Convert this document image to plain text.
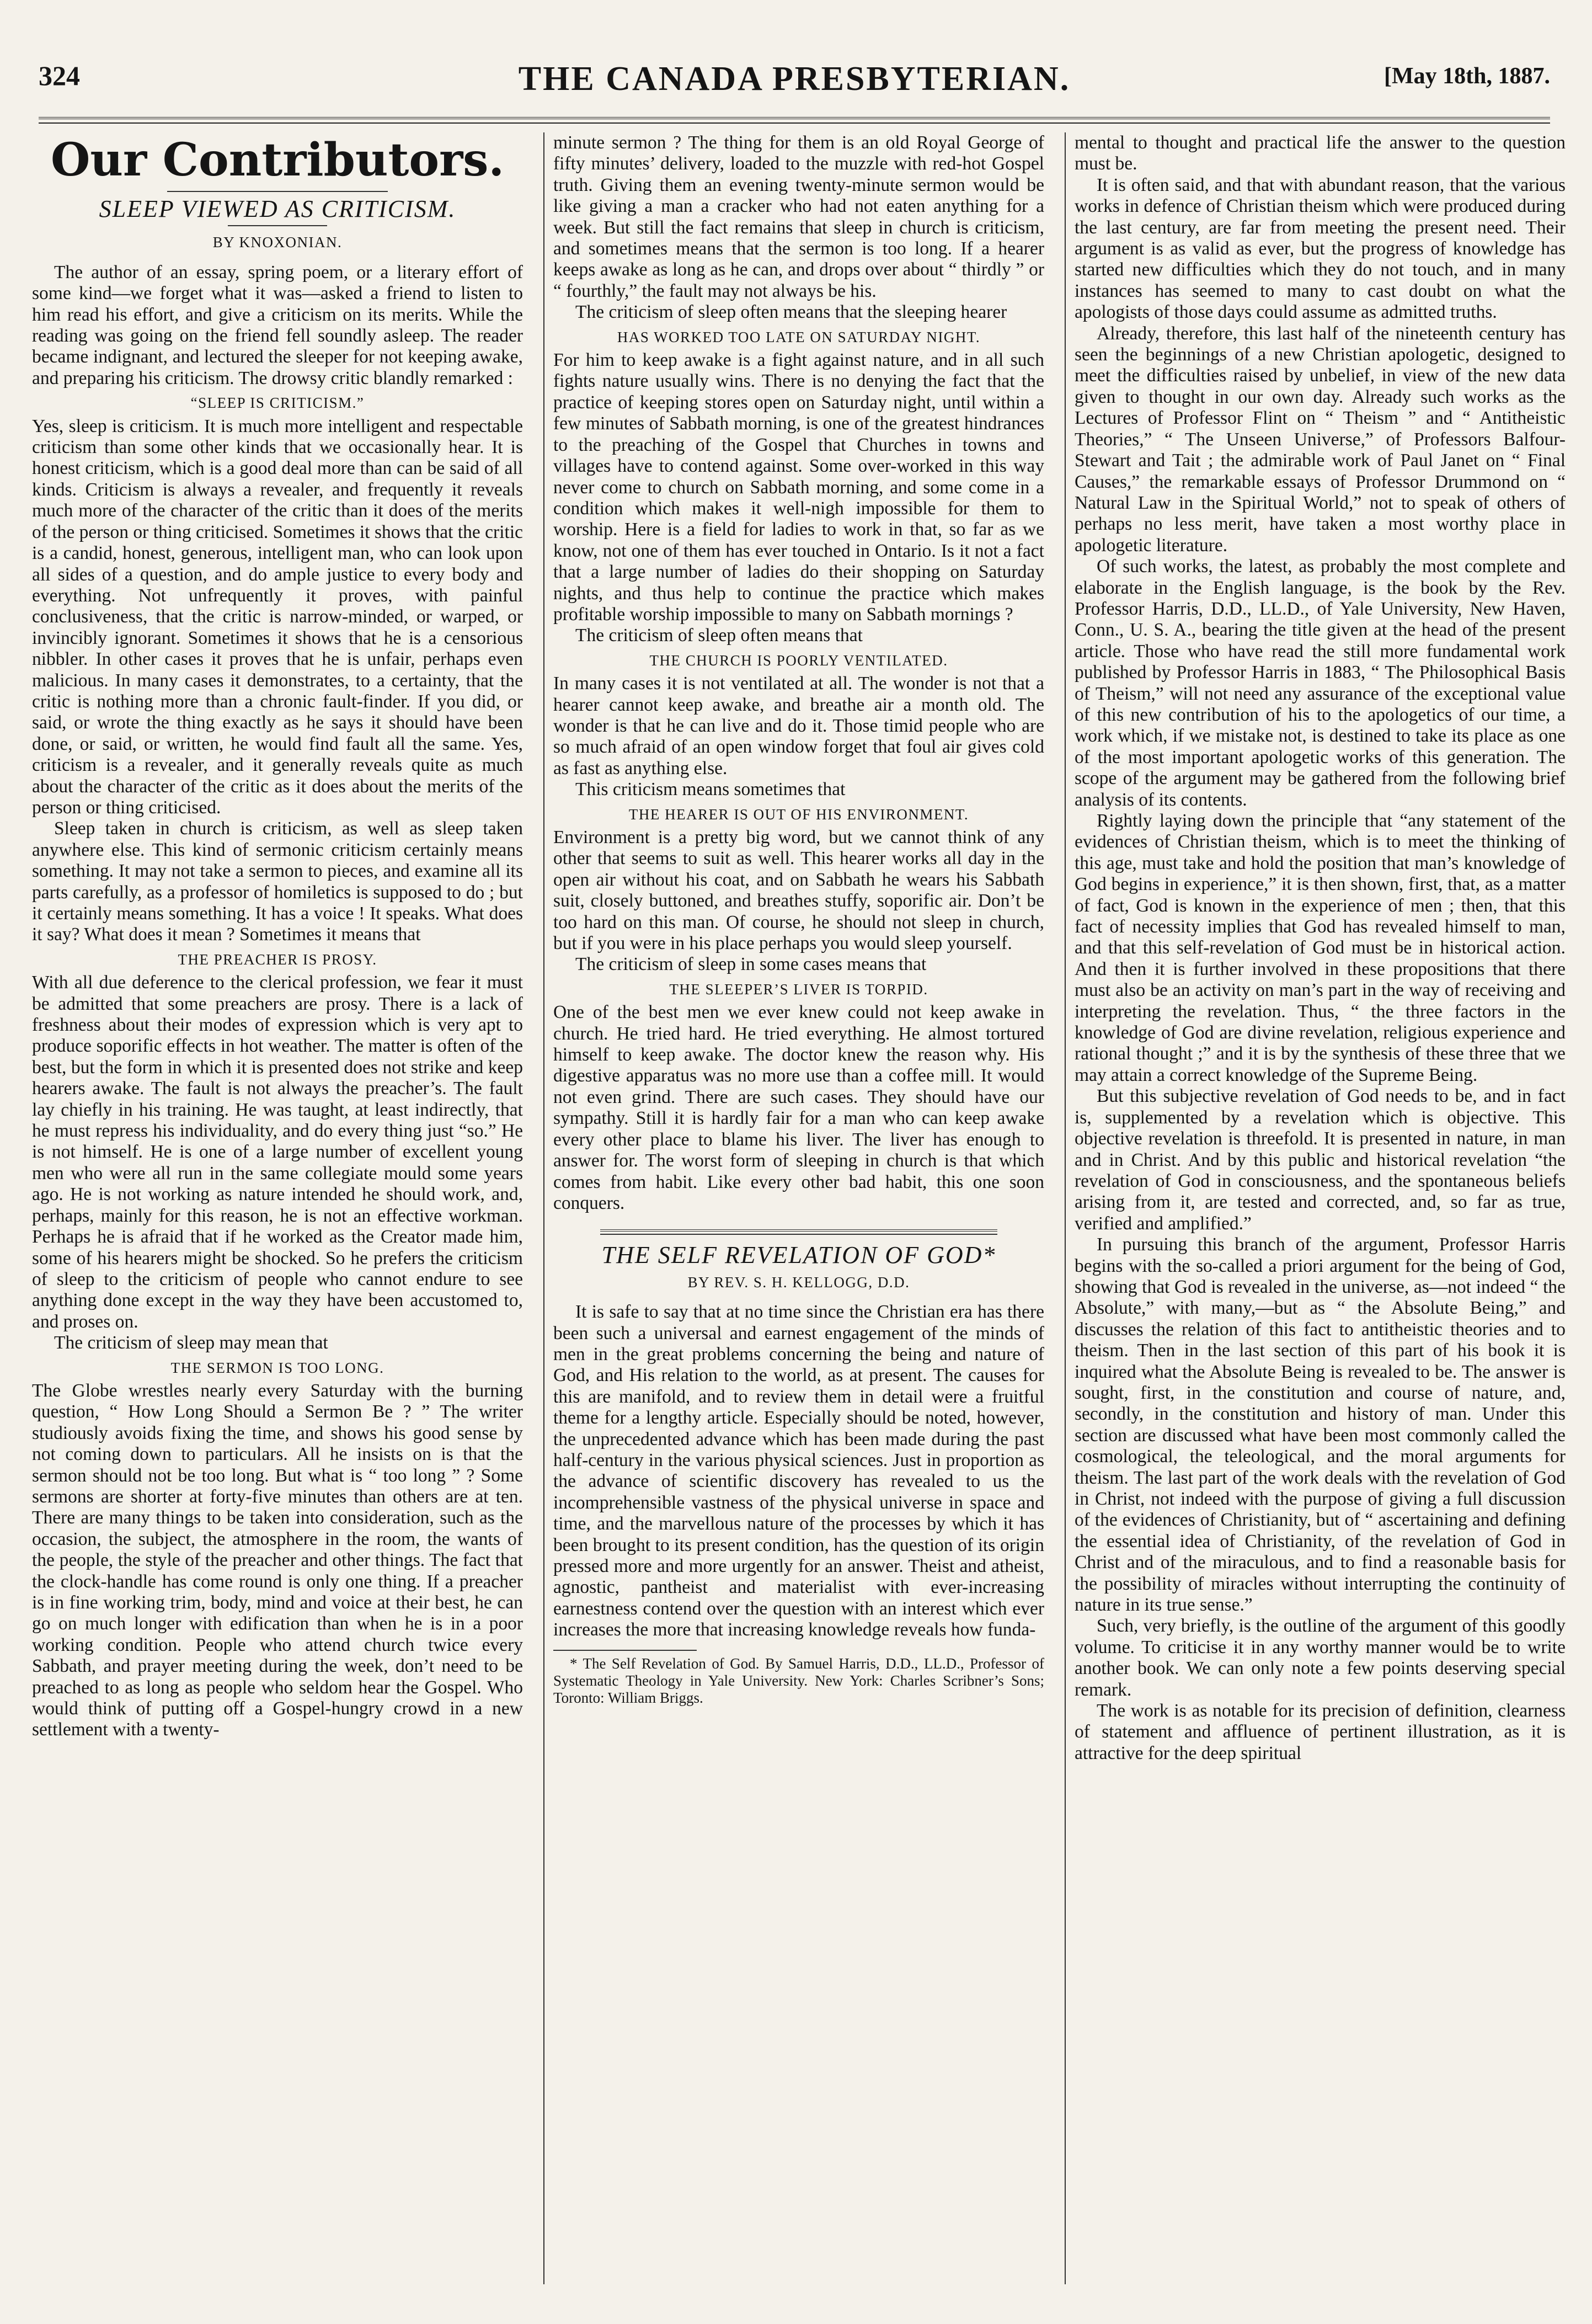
324	THE CANADA PRESBYTERIAN.	[May 18th, 1887.
Our Contributors.

SLEEP VIEWED AS CRITICISM.

BY KNOXONIAN.

The author of an essay, spring poem, or a literary effort of some kind—we forget what it was—asked a friend to listen to him read his effort, and give a criticism on its merits. While the reading was going on the friend fell soundly asleep. The reader became indignant, and lectured the sleeper for not keeping awake, and preparing his criticism. The drowsy critic blandly remarked :

“SLEEP IS CRITICISM.”

Yes, sleep is criticism. It is much more intelligent and respectable criticism than some other kinds that we occasionally hear. It is honest criticism, which is a good deal more than can be said of all kinds. Criticism is always a revealer, and frequently it reveals much more of the character of the critic than it does of the merits of the person or thing criticised. Sometimes it shows that the critic is a candid, honest, generous, intelligent man, who can look upon all sides of a question, and do ample justice to every body and everything. Not unfrequently it proves, with painful conclusiveness, that the critic is narrow-minded, or warped, or invincibly ignorant. Sometimes it shows that he is a censorious nibbler. In other cases it proves that he is unfair, perhaps even malicious. In many cases it demonstrates, to a certainty, that the critic is nothing more than a chronic fault-finder. If you did, or said, or wrote the thing exactly as he says it should have been done, or said, or written, he would find fault all the same. Yes, criticism is a revealer, and it generally reveals quite as much about the character of the critic as it does about the merits of the person or thing criticised.

Sleep taken in church is criticism, as well as sleep taken anywhere else. This kind of sermonic criticism certainly means something. It may not take a sermon to pieces, and examine all its parts carefully, as a professor of homiletics is supposed to do ; but it certainly means something. It has a voice ! It speaks. What does it say? What does it mean ? Sometimes it means that

THE PREACHER IS PROSY.

With all due deference to the clerical profession, we fear it must be admitted that some preachers are prosy. There is a lack of freshness about their modes of expression which is very apt to produce soporific effects in hot weather. The matter is often of the best, but the form in which it is presented does not strike and keep hearers awake. The fault is not always the preacher’s. The fault lay chiefly in his training. He was taught, at least indirectly, that he must repress his individuality, and do every thing just “so.” He is not himself. He is one of a large number of excellent young men who were all run in the same collegiate mould some years ago. He is not working as nature intended he should work, and, perhaps, mainly for this reason, he is not an effective workman. Perhaps he is afraid that if he worked as the Creator made him, some of his hearers might be shocked. So he prefers the criticism of sleep to the criticism of people who cannot endure to see anything done except in the way they have been accustomed to, and proses on.

The criticism of sleep may mean that

THE SERMON IS TOO LONG.

The Globe wrestles nearly every Saturday with the burning question, “ How Long Should a Sermon Be ? ” The writer studiously avoids fixing the time, and shows his good sense by not coming down to particulars. All he insists on is that the sermon should not be too long. But what is “ too long ” ? Some sermons are shorter at forty-five minutes than others are at ten. There are many things to be taken into consideration, such as the occasion, the subject, the atmosphere in the room, the wants of the people, the style of the preacher and other things. The fact that the clock-handle has come round is only one thing. If a preacher is in fine working trim, body, mind and voice at their best, he can go on much longer with edification than when he is in a poor working condition. People who attend church twice every Sabbath, and prayer meeting during the week, don’t need to be preached to as long as people who seldom hear the Gospel. Who would think of putting off a Gospel-hungry crowd in a new settlement with a twenty-

minute sermon ? The thing for them is an old Royal George of fifty minutes’ delivery, loaded to the muzzle with red-hot Gospel truth. Giving them an evening twenty-minute sermon would be like giving a man a cracker who had not eaten anything for a week. But still the fact remains that sleep in church is criticism, and sometimes means that the sermon is too long. If a hearer keeps awake as long as he can, and drops over about “ thirdly ” or “ fourthly,” the fault may not always be his.

The criticism of sleep often means that the sleeping hearer

HAS WORKED TOO LATE ON SATURDAY NIGHT.

For him to keep awake is a fight against nature, and in all such fights nature usually wins. There is no denying the fact that the practice of keeping stores open on Saturday night, until within a few minutes of Sabbath morning, is one of the greatest hindrances to the preaching of the Gospel that Churches in towns and villages have to contend against. Some over-worked in this way never come to church on Sabbath morning, and some come in a condition which makes it well-nigh impossible for them to worship. Here is a field for ladies to work in that, so far as we know, not one of them has ever touched in Ontario. Is it not a fact that a large number of ladies do their shopping on Saturday nights, and thus help to continue the practice which makes profitable worship impossible to many on Sabbath mornings ?

The criticism of sleep often means that

THE CHURCH IS POORLY VENTILATED.

In many cases it is not ventilated at all. The wonder is not that a hearer cannot keep awake, and breathe air a month old. The wonder is that he can live and do it. Those timid people who are so much afraid of an open window forget that foul air gives cold as fast as anything else.

This criticism means sometimes that

THE HEARER IS OUT OF HIS ENVIRONMENT.

Environment is a pretty big word, but we cannot think of any other that seems to suit as well. This hearer works all day in the open air without his coat, and on Sabbath he wears his Sabbath suit, closely buttoned, and breathes stuffy, soporific air. Don’t be too hard on this man. Of course, he should not sleep in church, but if you were in his place perhaps you would sleep yourself.

The criticism of sleep in some cases means that

THE SLEEPER’S LIVER IS TORPID.

One of the best men we ever knew could not keep awake in church. He tried hard. He tried everything. He almost tortured himself to keep awake. The doctor knew the reason why. His digestive apparatus was no more use than a coffee mill. It would not even grind. There are such cases. They should have our sympathy. Still it is hardly fair for a man who can keep awake every other place to blame his liver. The liver has enough to answer for. The worst form of sleeping in church is that which comes from habit. Like every other bad habit, this one soon conquers.

THE SELF REVELATION OF GOD*

BY REV. S. H. KELLOGG, D.D.

It is safe to say that at no time since the Christian era has there been such a universal and earnest engagement of the minds of men in the great problems concerning the being and nature of God, and His relation to the world, as at present. The causes for this are manifold, and to review them in detail were a fruitful theme for a lengthy article. Especially should be noted, however, the unprecedented advance which has been made during the past half-century in the various physical sciences. Just in proportion as the advance of scientific discovery has revealed to us the incomprehensible vastness of the physical universe in space and time, and the marvellous nature of the processes by which it has been brought to its present condition, has the question of its origin pressed more and more urgently for an answer. Theist and atheist, agnostic, pantheist and materialist with ever-increasing earnestness contend over the question with an interest which ever increases the more that increasing knowledge reveals how funda-

* The Self Revelation of God. By Samuel Harris, D.D., LL.D., Professor of Systematic Theology in Yale University. New York: Charles Scribner’s Sons; Toronto: William Briggs.

mental to thought and practical life the answer to the question must be.

It is often said, and that with abundant reason, that the various works in defence of Christian theism which were produced during the last century, are far from meeting the present need. Their argument is as valid as ever, but the progress of knowledge has started new difficulties which they do not touch, and in many instances has seemed to many to cast doubt on what the apologists of those days could assume as admitted truths.

Already, therefore, this last half of the nineteenth century has seen the beginnings of a new Christian apologetic, designed to meet the difficulties raised by unbelief, in view of the new data given to thought in our own day. Already such works as the Lectures of Professor Flint on “ Theism ” and “ Antitheistic Theories,” “ The Unseen Universe,” of Professors Balfour-Stewart and Tait ; the admirable work of Paul Janet on “ Final Causes,” the remarkable essays of Professor Drummond on “ Natural Law in the Spiritual World,” not to speak of others of perhaps no less merit, have taken a most worthy place in apologetic literature.

Of such works, the latest, as probably the most complete and elaborate in the English language, is the book by the Rev. Professor Harris, D.D., LL.D., of Yale University, New Haven, Conn., U. S. A., bearing the title given at the head of the present article. Those who have read the still more fundamental work published by Professor Harris in 1883, “ The Philosophical Basis of Theism,” will not need any assurance of the exceptional value of this new contribution of his to the apologetics of our time, a work which, if we mistake not, is destined to take its place as one of the most important apologetic works of this generation. The scope of the argument may be gathered from the following brief analysis of its contents.

Rightly laying down the principle that “any statement of the evidences of Christian theism, which is to meet the thinking of this age, must take and hold the position that man’s knowledge of God begins in experience,” it is then shown, first, that, as a matter of fact, God is known in the experience of men ; then, that this fact of necessity implies that God has revealed himself to man, and that this self-revelation of God must be in historical action. And then it is further involved in these propositions that there must also be an activity on man’s part in the way of receiving and interpreting the revelation. Thus, “ the three factors in the knowledge of God are divine revelation, religious experience and rational thought ;” and it is by the synthesis of these three that we may attain a correct knowledge of the Supreme Being.

But this subjective revelation of God needs to be, and in fact is, supplemented by a revelation which is objective. This objective revelation is threefold. It is presented in nature, in man and in Christ. And by this public and historical revelation “the revelation of God in consciousness, and the spontaneous beliefs arising from it, are tested and corrected, and, so far as true, verified and amplified.”

In pursuing this branch of the argument, Professor Harris begins with the so-called a priori argument for the being of God, showing that God is revealed in the universe, as—not indeed “ the Absolute,” with many,—but as “ the Absolute Being,” and discusses the relation of this fact to antitheistic theories and to theism. Then in the last section of this part of his book it is inquired what the Absolute Being is revealed to be. The answer is sought, first, in the constitution and course of nature, and, secondly, in the constitution and history of man. Under this section are discussed what have been most commonly called the cosmological, the teleological, and the moral arguments for theism. The last part of the work deals with the revelation of God in Christ, not indeed with the purpose of giving a full discussion of the evidences of Christianity, but of “ ascertaining and defining the essential idea of Christianity, of the revelation of God in Christ and of the miraculous, and to find a reasonable basis for the possibility of miracles without interrupting the continuity of nature in its true sense.”

Such, very briefly, is the outline of the argument of this goodly volume. To criticise it in any worthy manner would be to write another book. We can only note a few points deserving special remark.

The work is as notable for its precision of definition, clearness of statement and affluence of pertinent illustration, as it is attractive for the deep spiritual
